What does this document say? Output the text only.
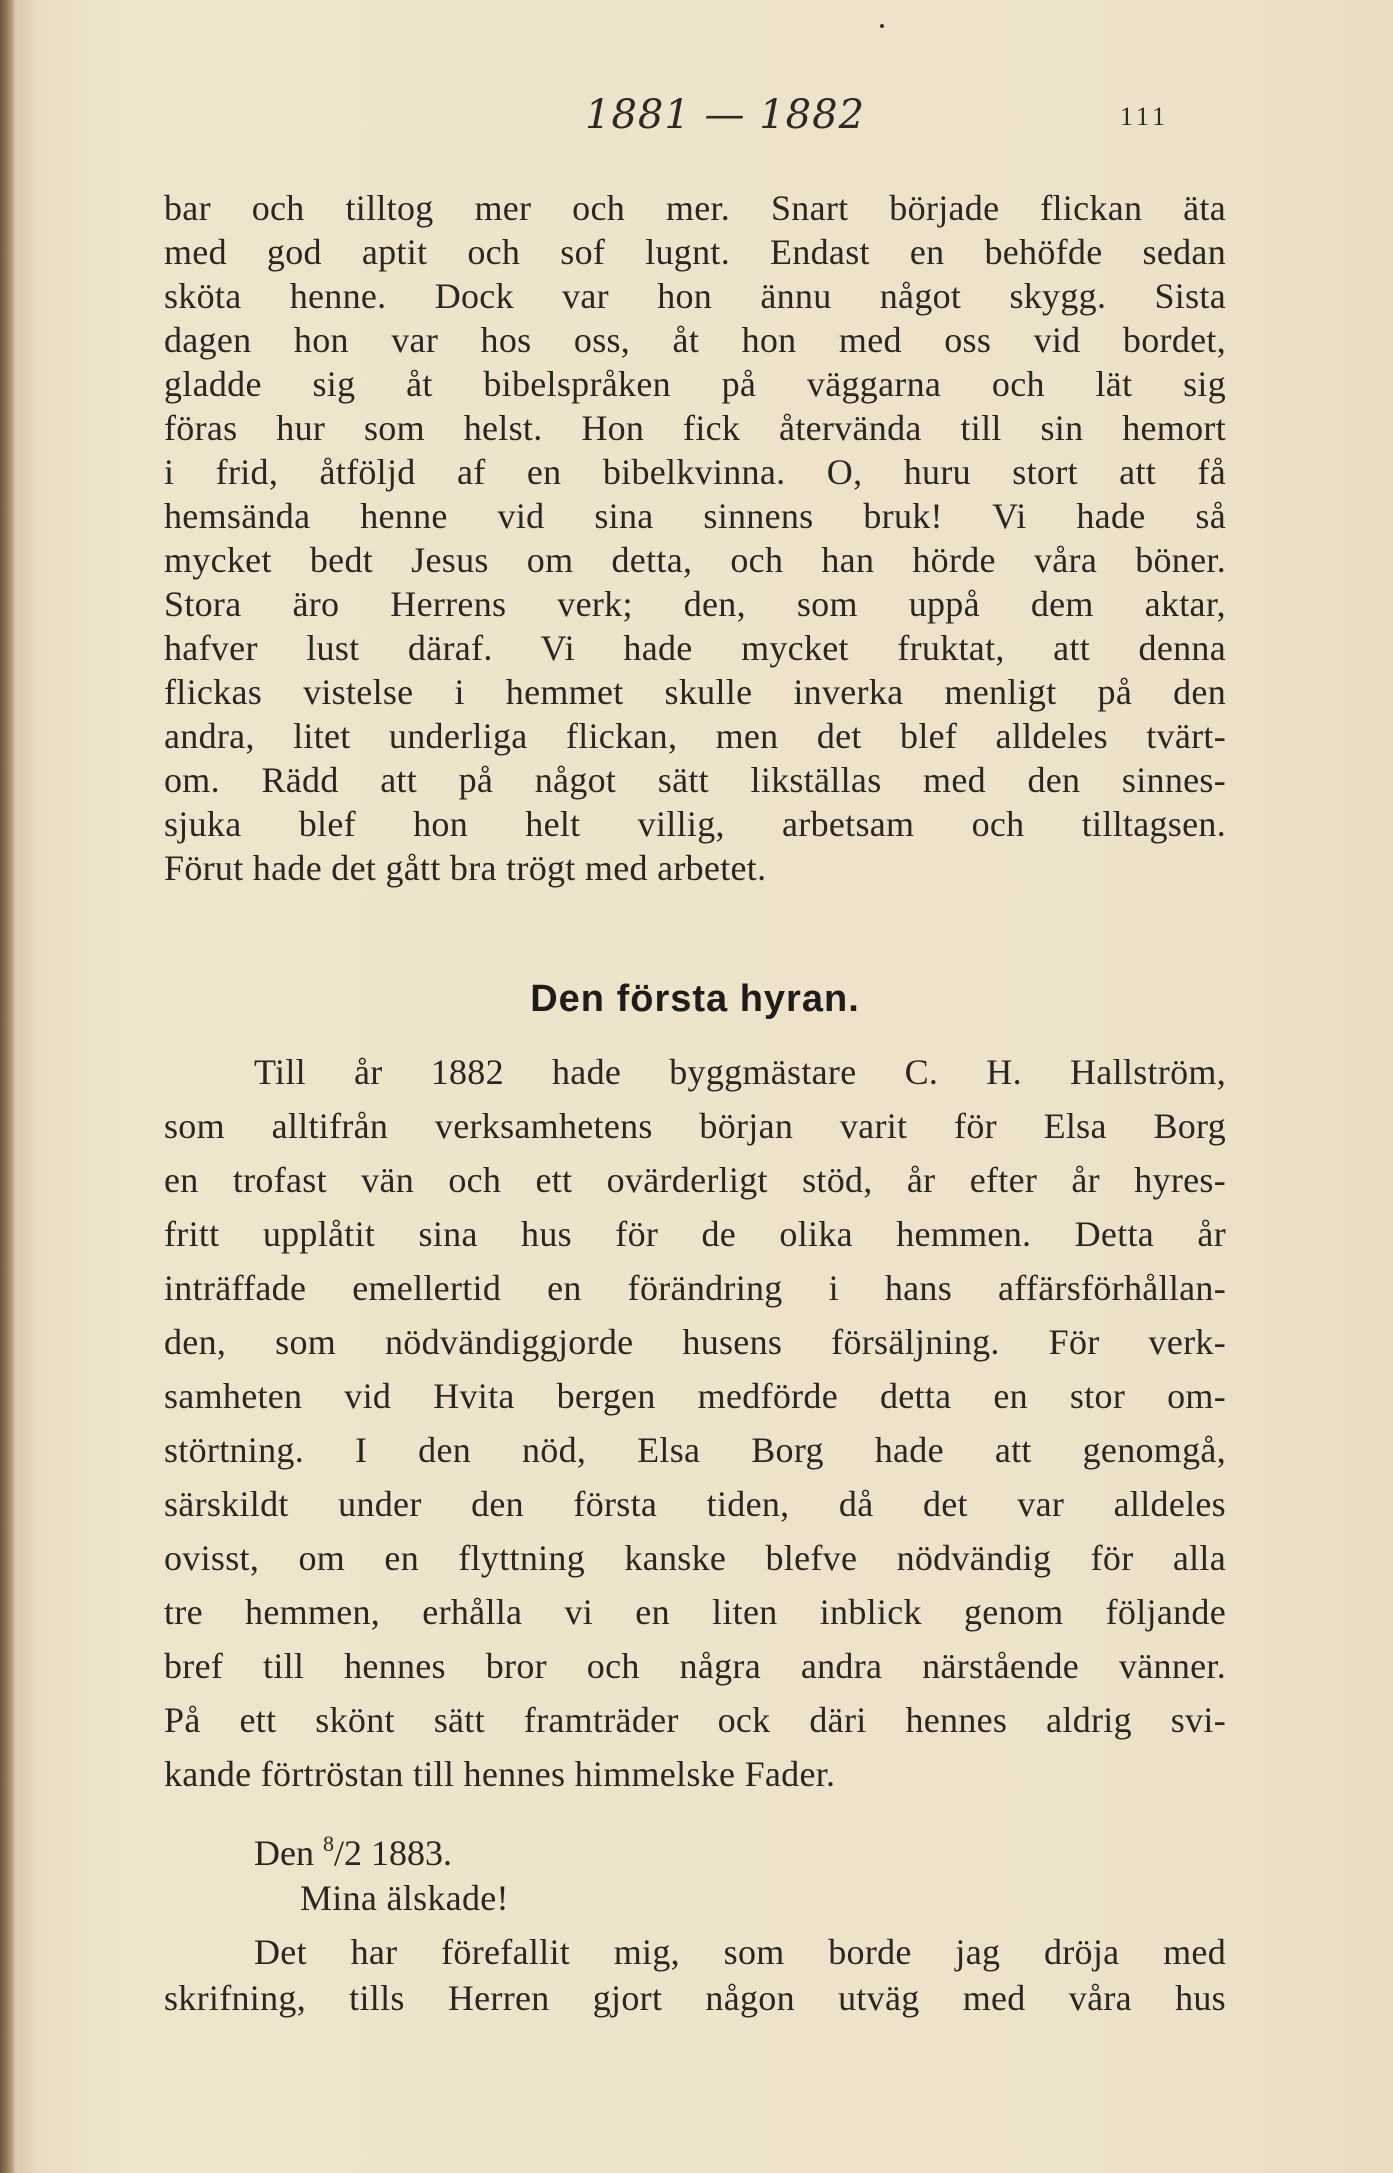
1881 — 1882	111
bar och tilltog mer och mer. Snart började flickan äta
med god aptit och sof lugnt. Endast en behöfde sedan
sköta henne. Dock var hon ännu något skygg. Sista
dagen hon var hos oss, åt hon med oss vid bordet,
gladde sig åt bibelspråken på väggarna och lät sig
föras hur som helst. Hon fick återvända till sin hemort
i frid, åtföljd af en bibelkvinna. O, huru stort att få
hemsända henne vid sina sinnens bruk! Vi hade så
mycket bedt Jesus om detta, och han hörde våra böner.
Stora äro Herrens verk; den, som uppå dem aktar,
hafver lust däraf. Vi hade mycket fruktat, att denna
flickas vistelse i hemmet skulle inverka menligt på den
andra, litet underliga flickan, men det blef alldeles tvärt-
om. Rädd att på något sätt likställas med den sinnes-
sjuka blef hon helt villig, arbetsam och tilltagsen.
Förut hade det gått bra trögt med arbetet.
Den första hyran.
Till år 1882 hade byggmästare C. H. Hallström,
som alltifrån verksamhetens början varit för Elsa Borg
en trofast vän och ett ovärderligt stöd, år efter år hyres-
fritt upplåtit sina hus för de olika hemmen. Detta år
inträffade emellertid en förändring i hans affärsförhållan-
den, som nödvändiggjorde husens försäljning. För verk-
samheten vid Hvita bergen medförde detta en stor om-
störtning. I den nöd, Elsa Borg hade att genomgå,
särskildt under den första tiden, då det var alldeles
ovisst, om en flyttning kanske blefve nödvändig för alla
tre hemmen, erhålla vi en liten inblick genom följande
bref till hennes bror och några andra närstående vänner.
På ett skönt sätt framträder ock däri hennes aldrig svi-
kande förtröstan till hennes himmelske Fader.
Den $^8$/2 1883.
Mina älskade!
Det har förefallit mig, som borde jag dröja med
skrifning, tills Herren gjort någon utväg med våra hus
